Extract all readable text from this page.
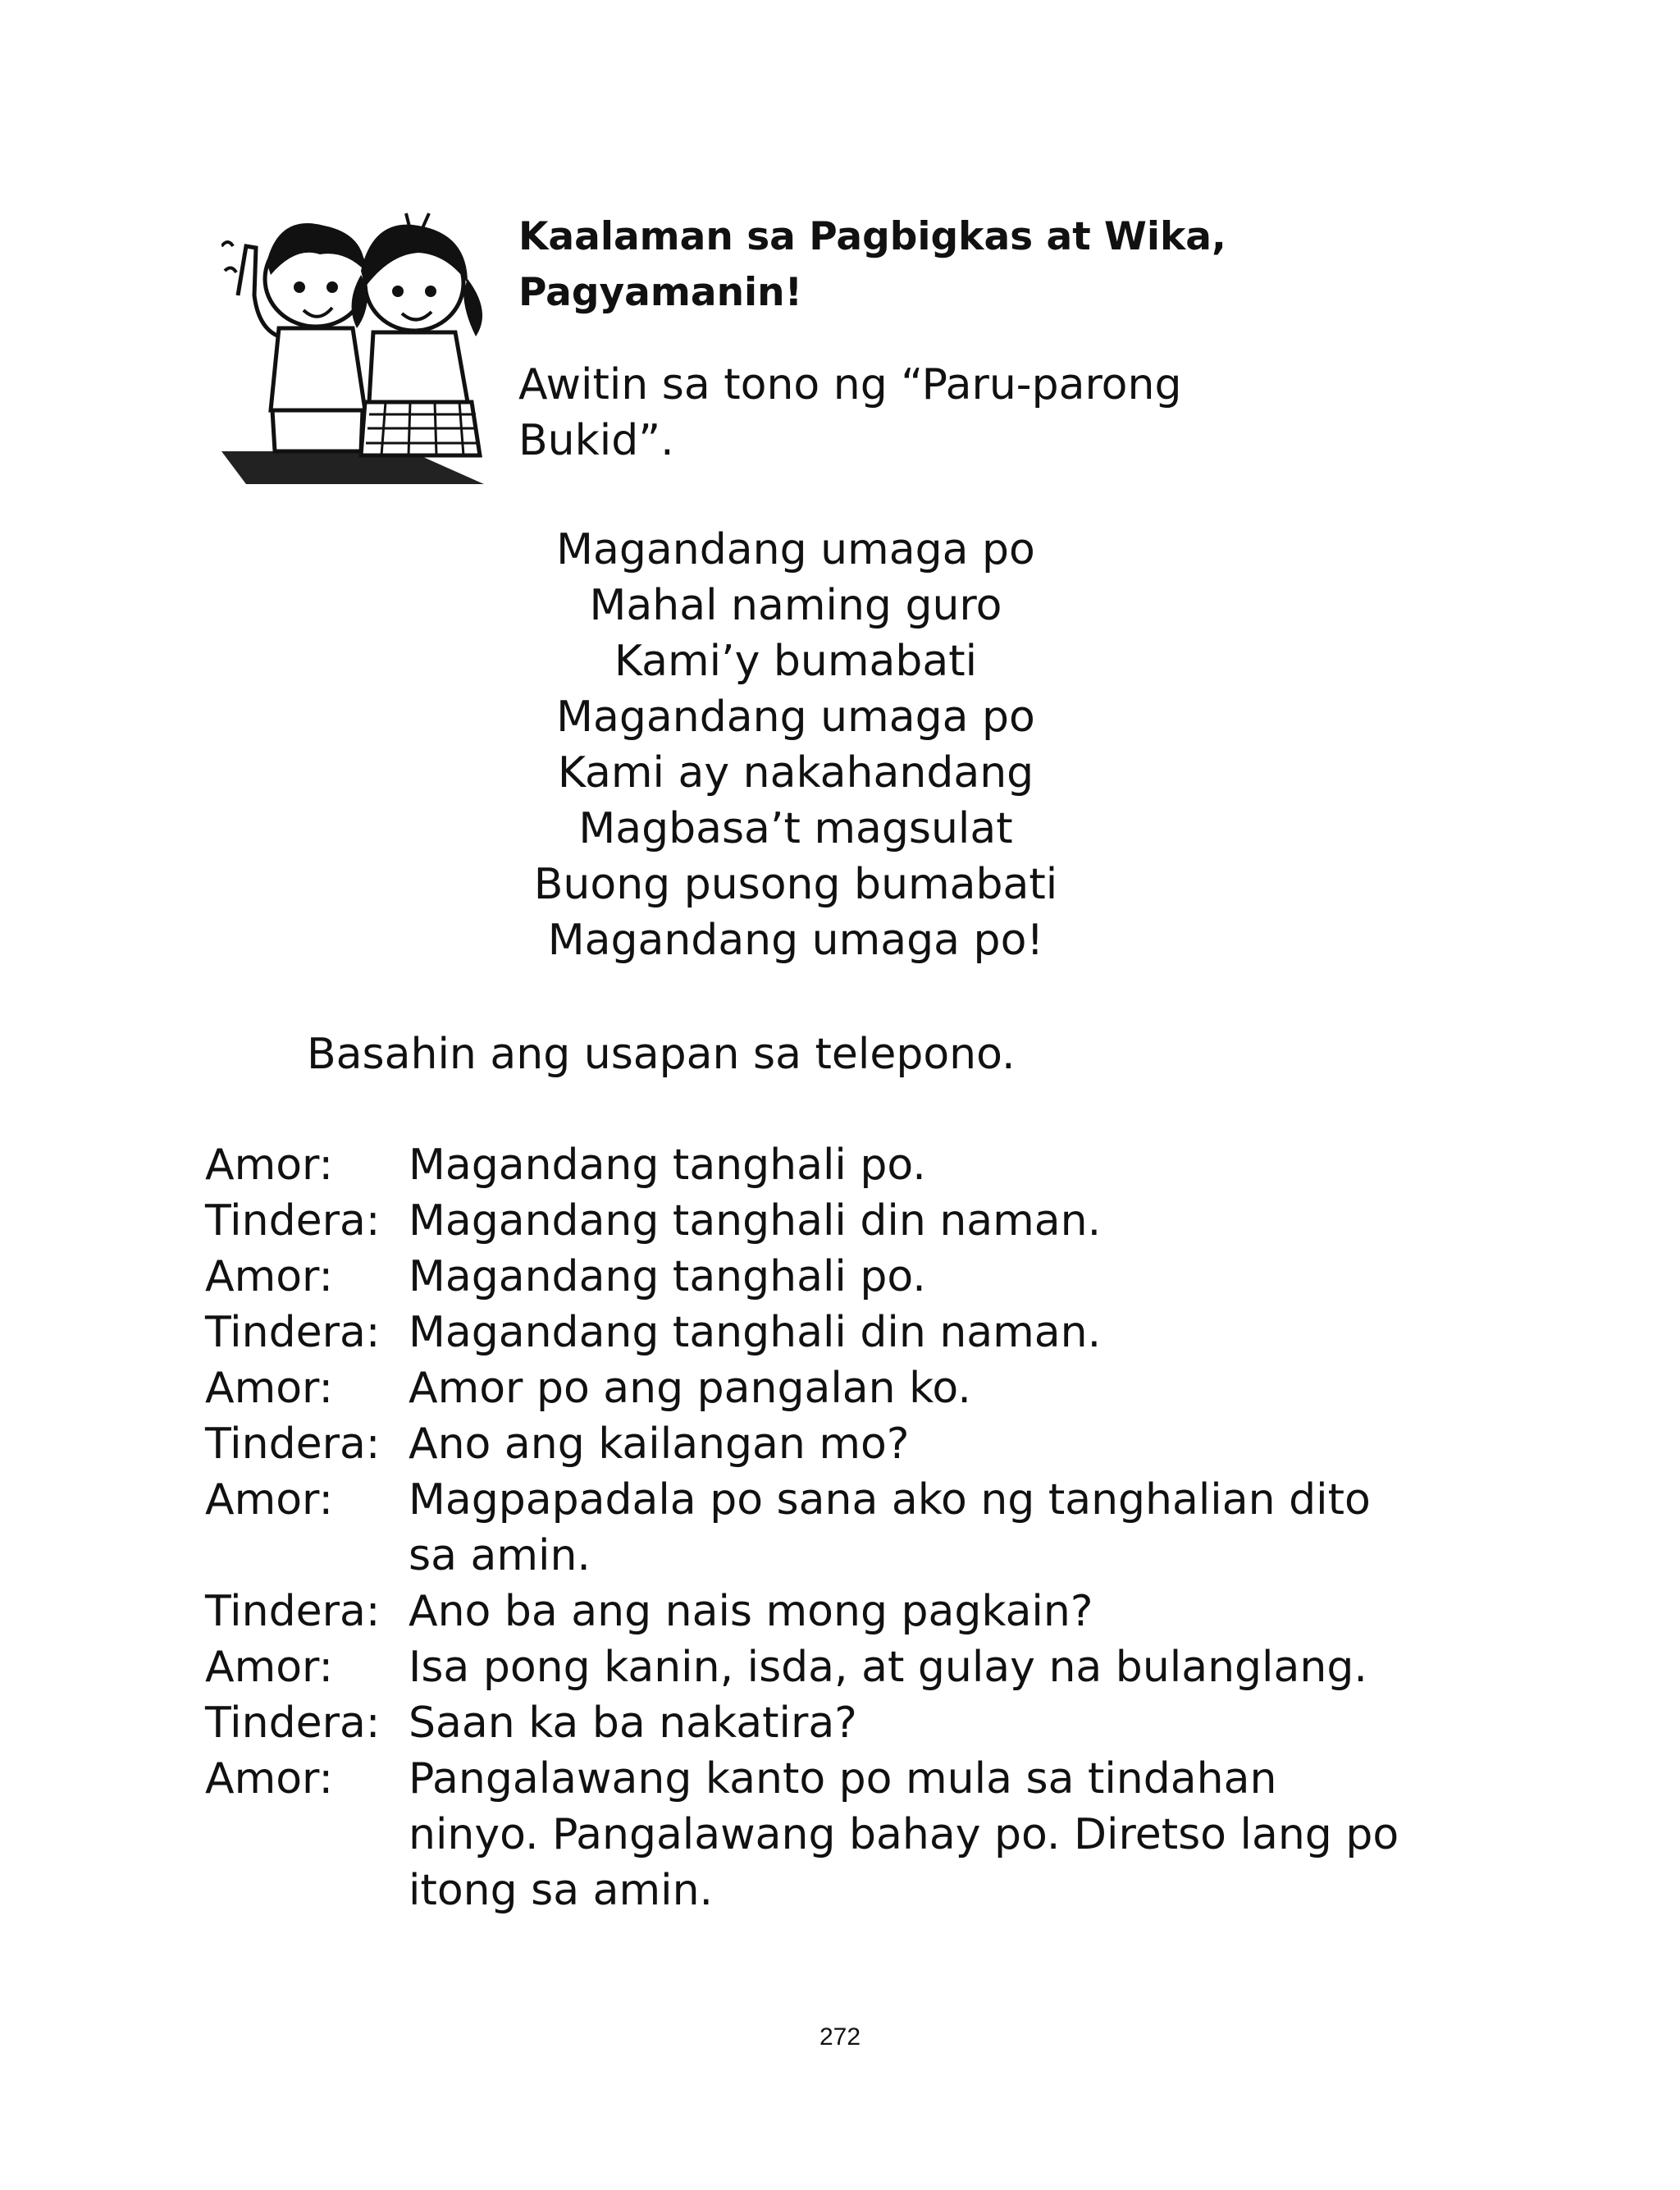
Kaalaman sa Pagbigkas at Wika, Pagyamanin!

Awitin sa tono ng “Paru-parong Bukid”.

Magandang umaga po
Mahal naming guro
Kami’y bumabati
Magandang umaga po
Kami ay nakahandang
Magbasa’t magsulat
Buong pusong bumabati
Magandang umaga po!

Basahin ang usapan sa telepono.

Amor:	Magandang tanghali po.
Tindera: Magandang tanghali din naman.
Amor:	Magandang tanghali po.
Tindera: Magandang tanghali din naman.
Amor:	Amor po ang pangalan ko.
Tindera: Ano ang kailangan mo?
Amor:	Magpapadala po sana ako ng tanghalian dito sa amin.
Tindera: Ano ba ang nais mong pagkain?
Amor:	Isa pong kanin, isda, at gulay na bulanglang.
Tindera: Saan ka ba nakatira?
Amor:	Pangalawang kanto po mula sa tindahan ninyo. Pangalawang bahay po. Diretso lang po itong sa amin.
272
